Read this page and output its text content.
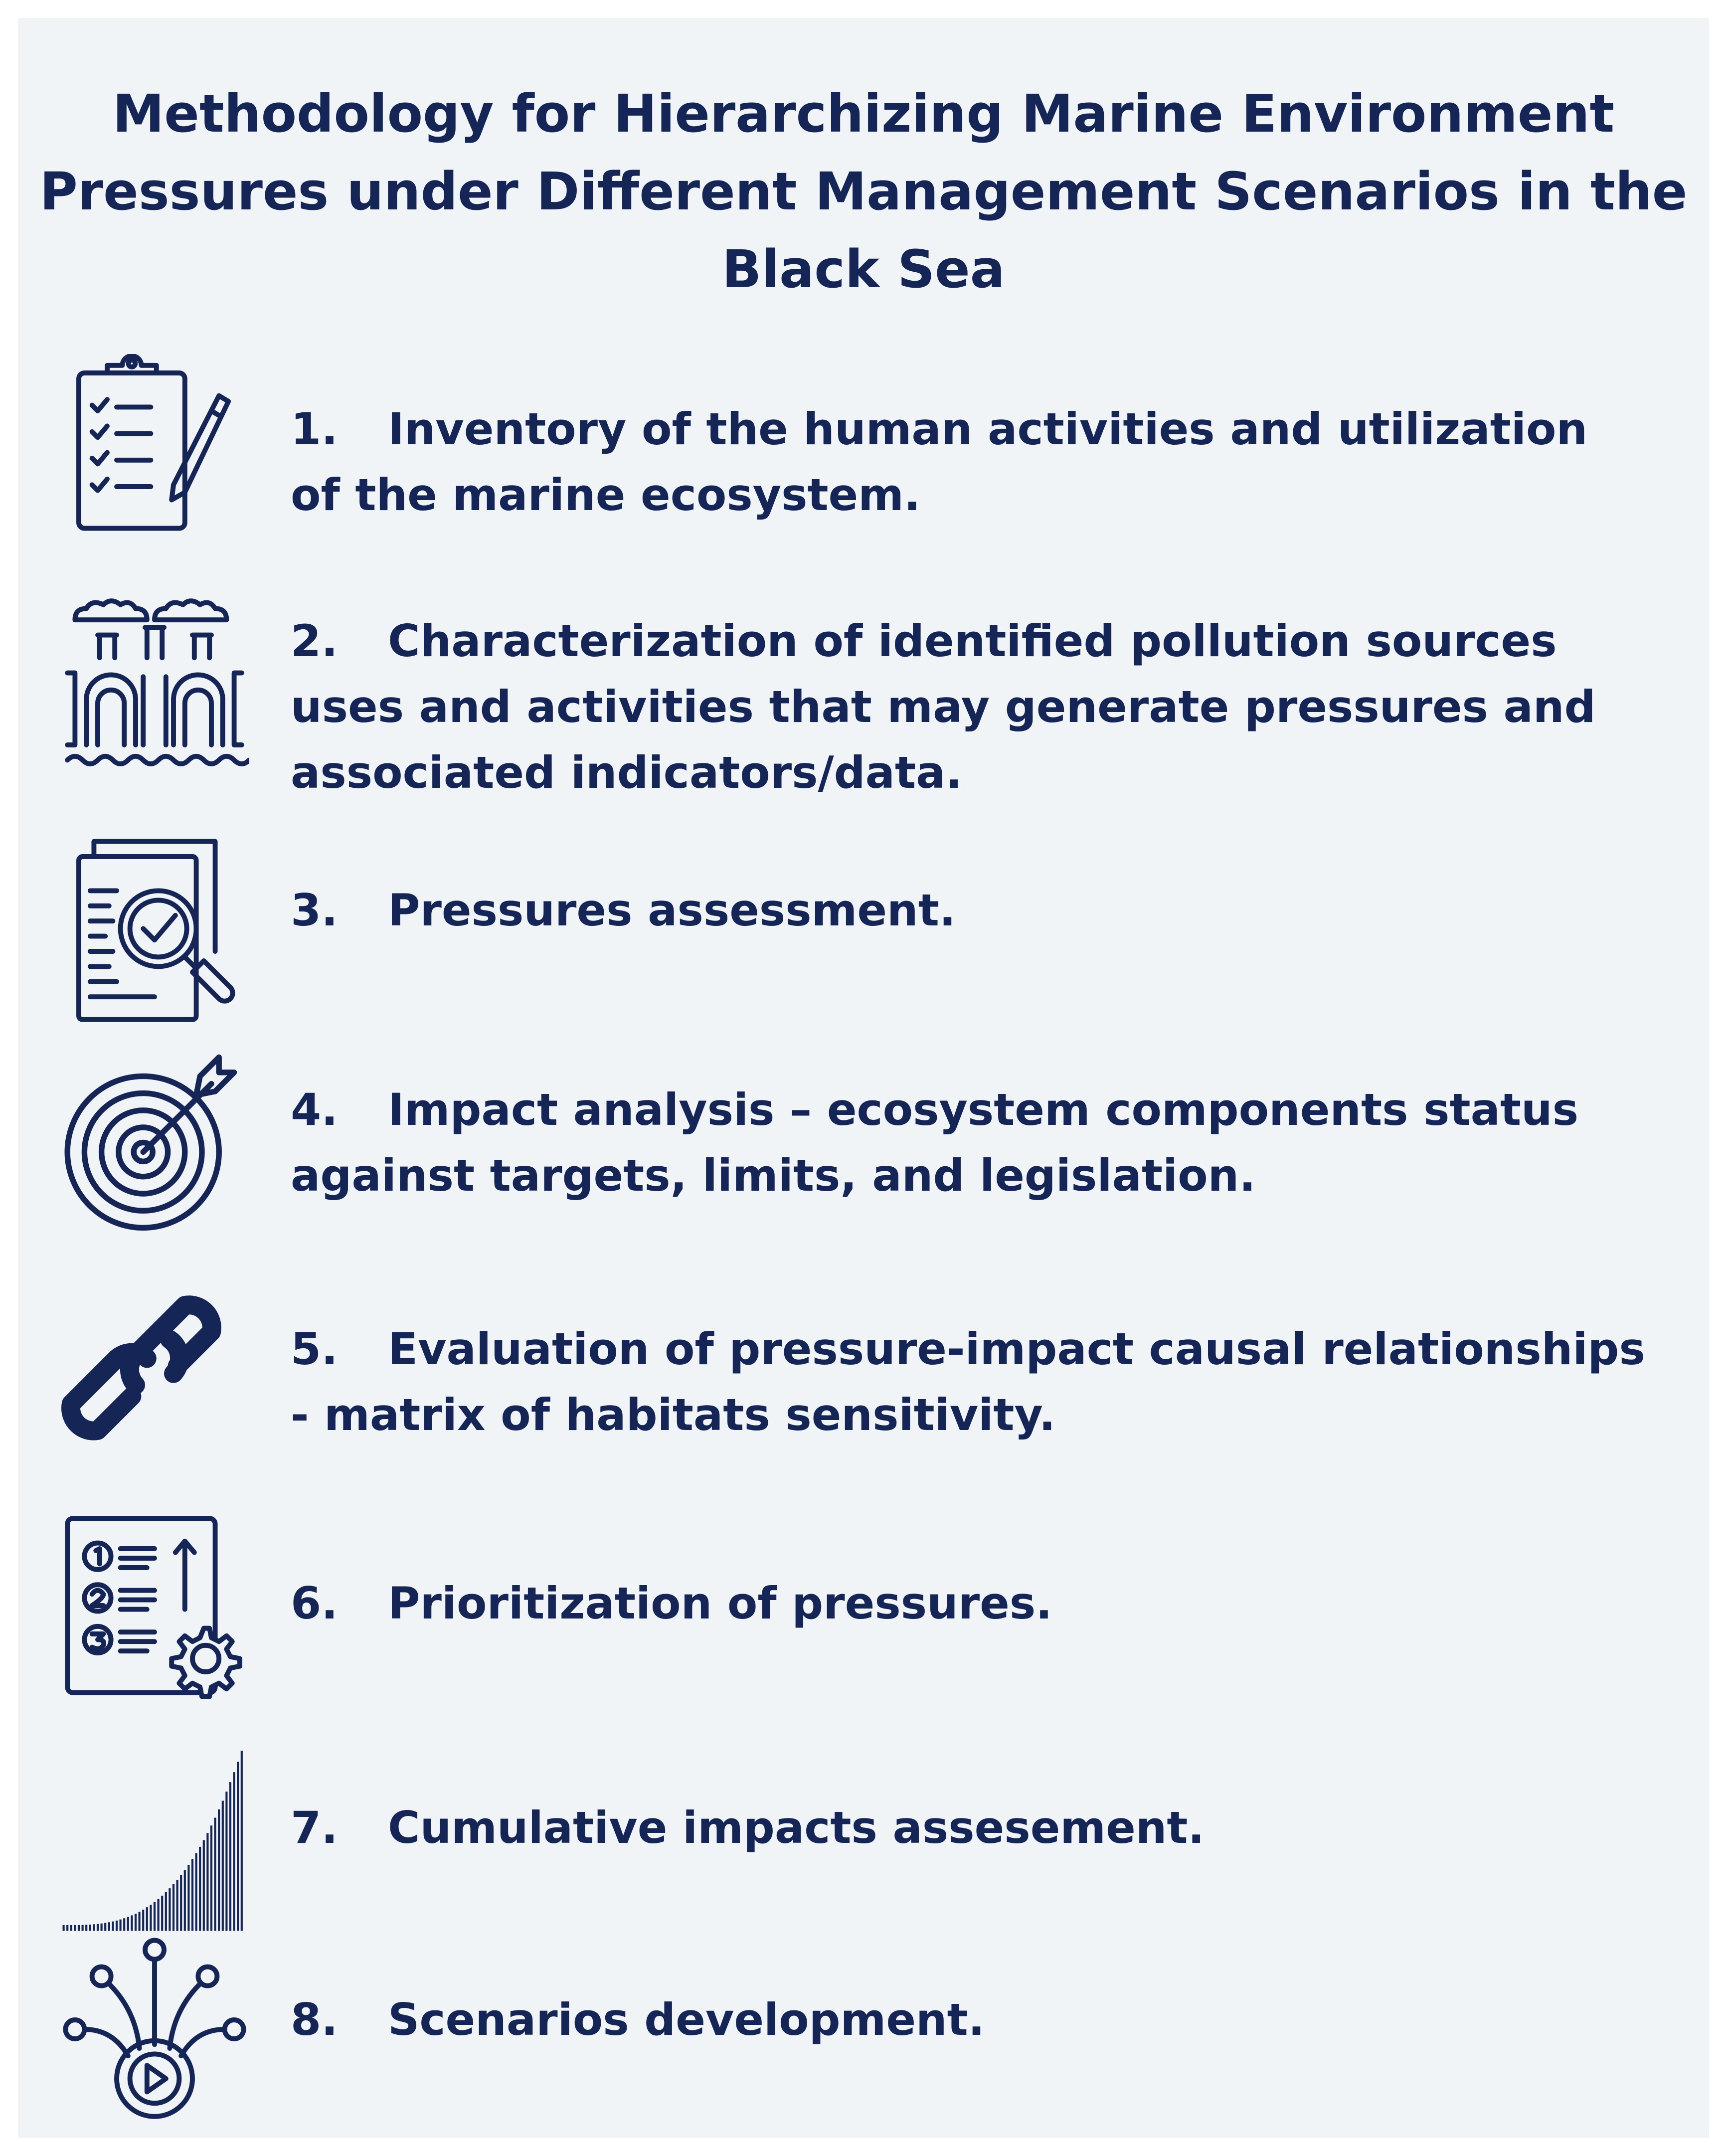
Methodology for Hierarchizing Marine Environment
Pressures under Different Management Scenarios in the
Black Sea
1. Inventory of the human activities and utilization
of the marine ecosystem.
2. Characterization of identified pollution sources
uses and activities that may generate pressures and
associated indicators/data.
3. Pressures assessment.
4. Impact analysis – ecosystem components status
against targets, limits, and legislation.
5. Evaluation of pressure-impact causal relationships
- matrix of habitats sensitivity.
6. Prioritization of pressures.
7. Cumulative impacts assesement.
8. Scenarios development.
